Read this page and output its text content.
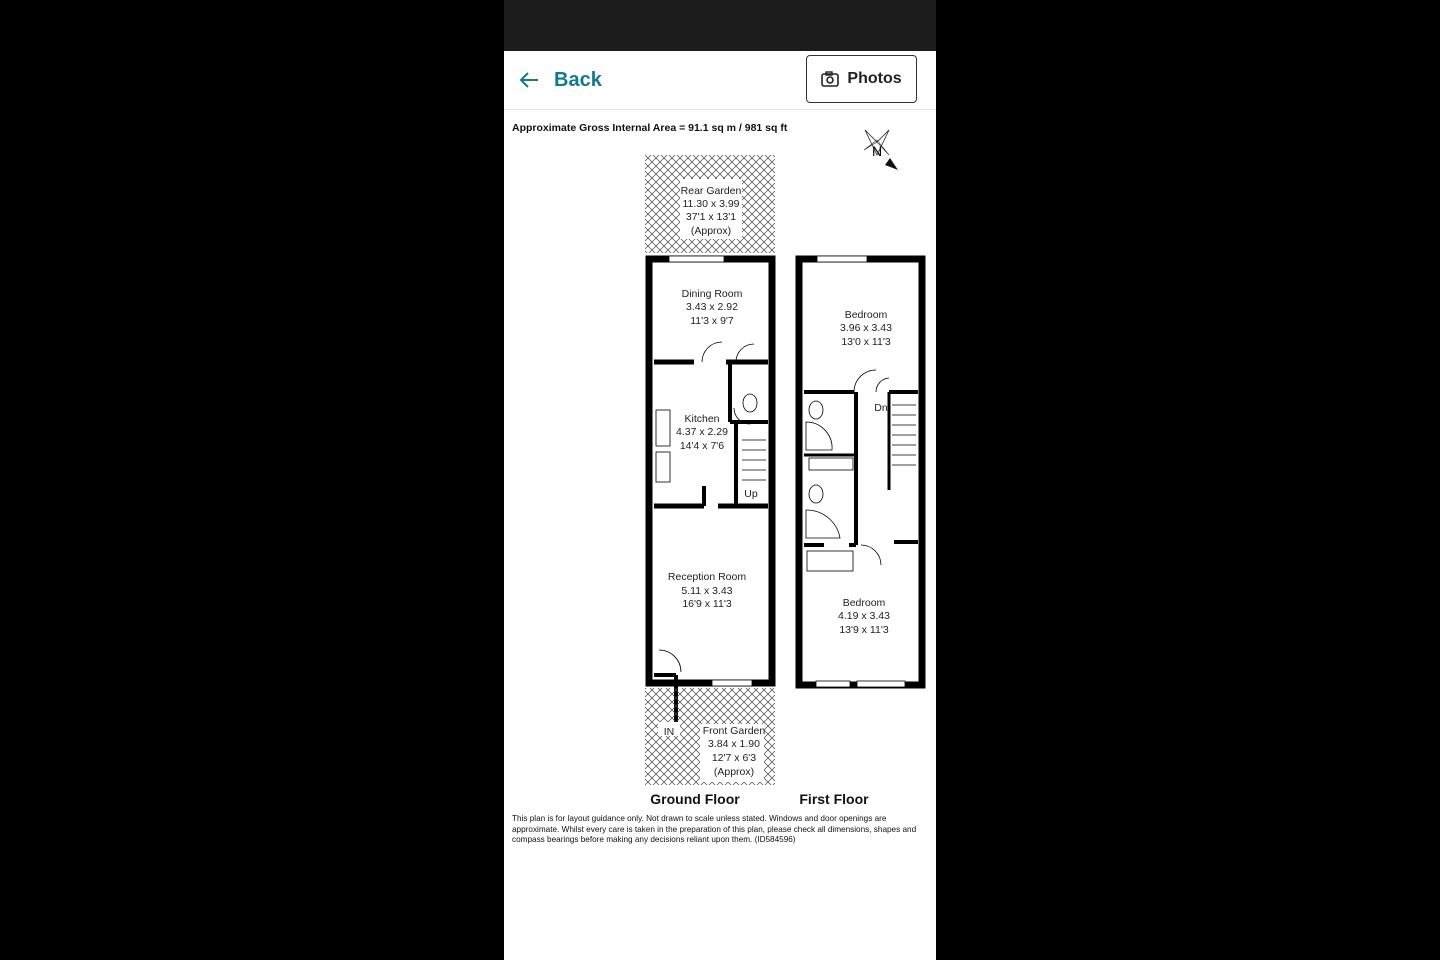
Back	Photos
Approximate Gross Internal Area = 91.1 sq m / 981 sq ft
N
Rear Garden
11.30 x 3.99
37'1 x 13'1
(Approx)
Dining Room
3.43 x 2.92
11'3 x 9'7
Kitchen
4.37 x 2.29
14'4 x 7'6
Up
Reception Room
5.11 x 3.43
16'9 x 11'3
IN	Front Garden
3.84 x 1.90
12'7 x 6'3
(Approx)
Bedroom
3.96 x 3.43
13'0 x 11'3
Dn
Bedroom
4.19 x 3.43
13'9 x 11'3
Ground Floor	First Floor
This plan is for layout guidance only. Not drawn to scale unless stated. Windows and door openings are approximate. Whilst every care is taken in the preparation of this plan, please check all dimensions, shapes and compass bearings before making any decisions reliant upon them. (ID584596)
